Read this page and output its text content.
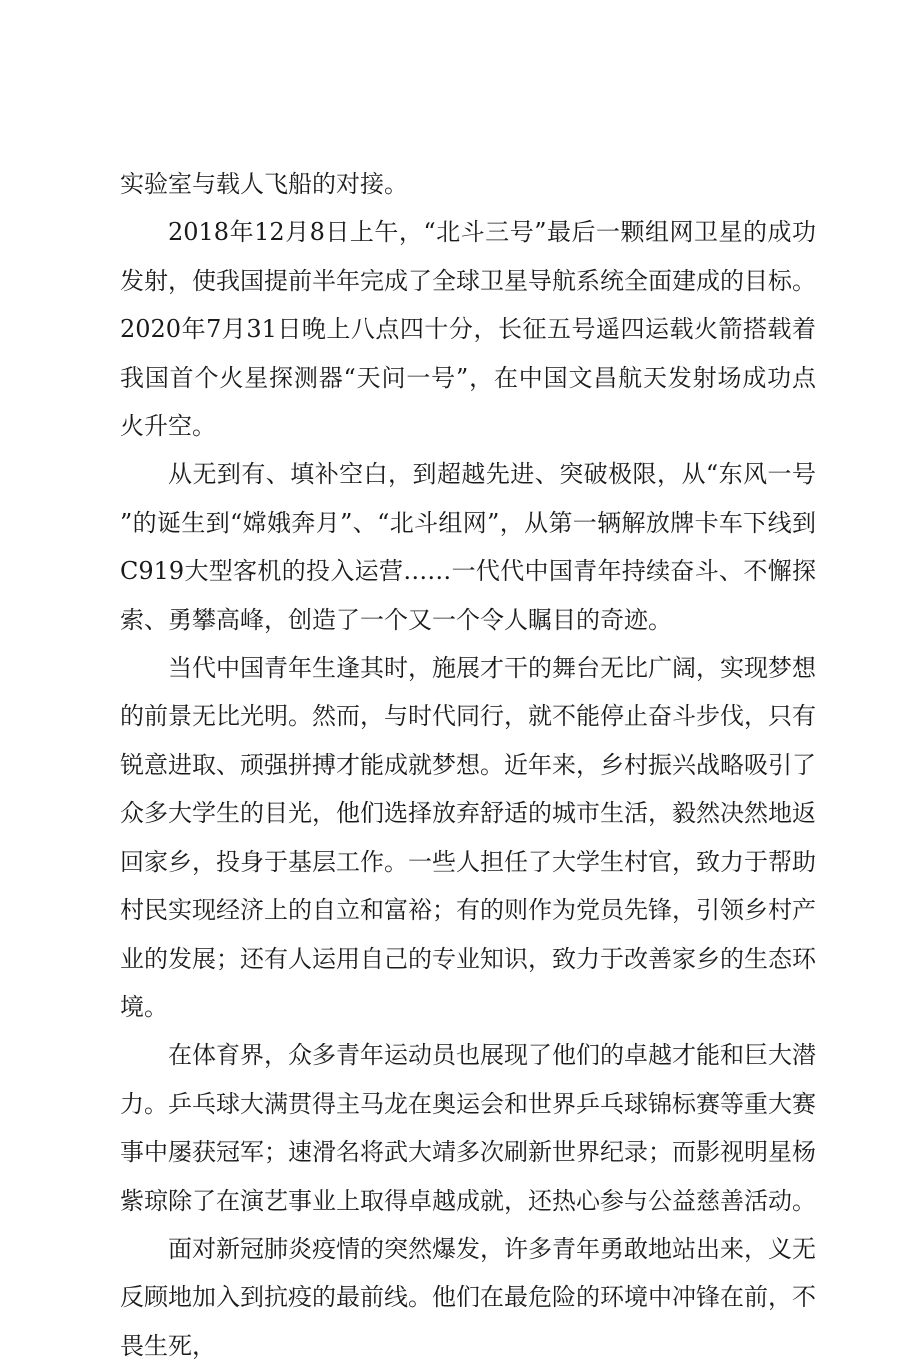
实验室与载人飞船的对接。

2018年12月8日上午，“北斗三号”最后一颗组网卫星的成功发射，使我国提前半年完成了全球卫星导航系统全面建成的目标。2020年7月31日晚上八点四十分，长征五号遥四运载火箭搭载着我国首个火星探测器“天问一号”，在中国文昌航天发射场成功点火升空。

从无到有、填补空白，到超越先进、突破极限，从“东风一号”的诞生到“嫦娥奔月”、“北斗组网”，从第一辆解放牌卡车下线到C919大型客机的投入运营……一代代中国青年持续奋斗、不懈探索、勇攀高峰，创造了一个又一个令人瞩目的奇迹。

当代中国青年生逢其时，施展才干的舞台无比广阔，实现梦想的前景无比光明。然而，与时代同行，就不能停止奋斗步伐，只有锐意进取、顽强拼搏才能成就梦想。近年来，乡村振兴战略吸引了众多大学生的目光，他们选择放弃舒适的城市生活，毅然决然地返回家乡，投身于基层工作。一些人担任了大学生村官，致力于帮助村民实现经济上的自立和富裕；有的则作为党员先锋，引领乡村产业的发展；还有人运用自己的专业知识，致力于改善家乡的生态环境。

在体育界，众多青年运动员也展现了他们的卓越才能和巨大潜力。乒乓球大满贯得主马龙在奥运会和世界乒乓球锦标赛等重大赛事中屡获冠军；速滑名将武大靖多次刷新世界纪录；而影视明星杨紫琼除了在演艺事业上取得卓越成就，还热心参与公益慈善活动。

面对新冠肺炎疫情的突然爆发，许多青年勇敢地站出来，义无反顾地加入到抗疫的最前线。他们在最危险的环境中冲锋在前，不畏生死，
